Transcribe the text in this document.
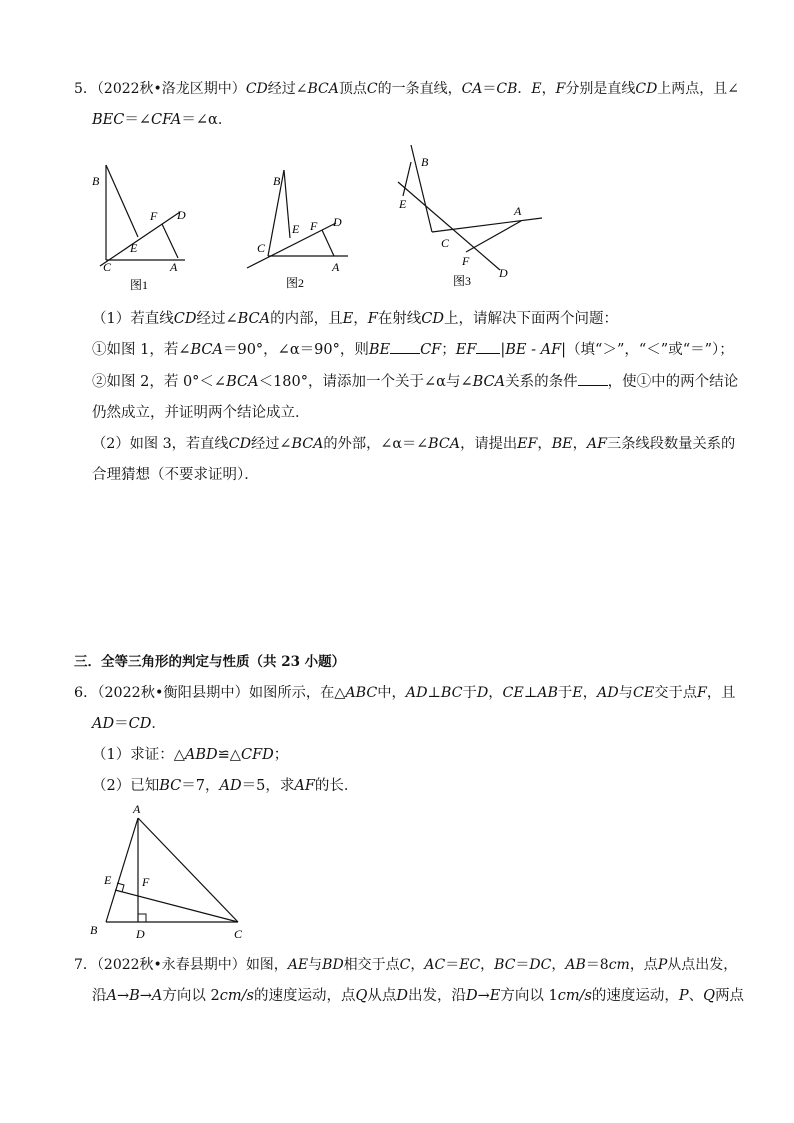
5．（2022秋•洛龙区期中）CD经过∠BCA顶点C的一条直线，CA＝CB．E，F分别是直线CD上两点，且∠
BEC＝∠CFA＝∠α．
B
F D
E
C	A
图1
B
F D
E
C
A
图2
B
E	A
C
F
D
图3
（1）若直线CD经过∠BCA的内部，且E，F在射线CD上，请解决下面两个问题：
①如图 1，若∠BCA＝90°，∠α＝90°，则BE CF；EF |BE - AF|（填“＞”，“＜”或“＝”）；
②如图 2，若 0°＜∠BCA＜180°，请添加一个关于∠α与∠BCA关系的条件 ，使①中的两个结论
仍然成立，并证明两个结论成立．
（2）如图 3，若直线CD经过∠BCA的外部，∠α＝∠BCA，请提出EF，BE，AF三条线段数量关系的
合理猜想（不要求证明）．
三．全等三角形的判定与性质（共 23 小题）
6．（2022秋•衡阳县期中）如图所示，在△ABC中，AD⊥BC于D，CE⊥AB于E，AD与CE交于点F，且
AD＝CD．
（1）求证：△ABD≌△CFD；
（2）已知BC＝7，AD＝5，求AF的长．
A
E	F
B	D	C
7．（2022秋•永春县期中）如图，AE与BD相交于点C，AC＝EC，BC＝DC，AB＝8cm，点P从点出发，
沿A→B→A方向以 2cm/s的速度运动，点Q从点D出发，沿D→E方向以 1cm/s的速度运动，P、Q两点
